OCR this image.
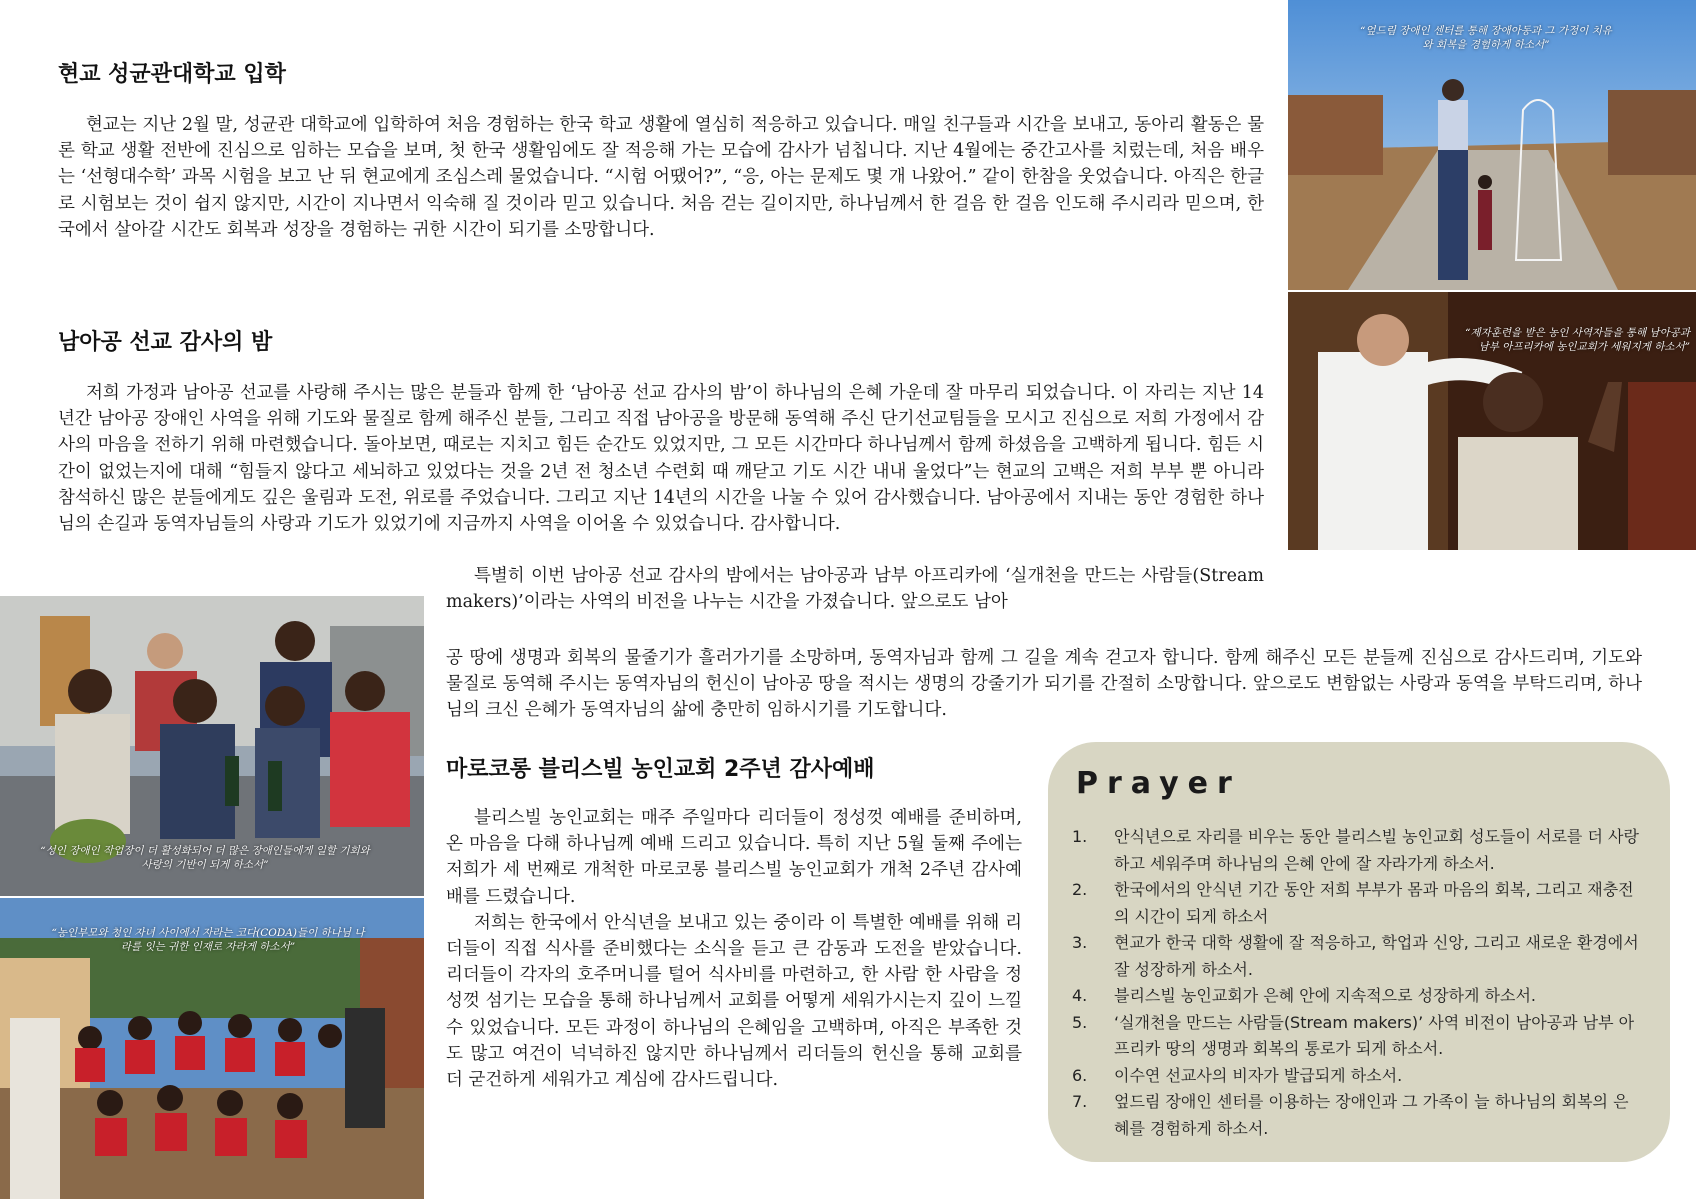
현교 성균관대학교 입학

현교는 지난 2월 말, 성균관 대학교에 입학하여 처음 경험하는 한국 학교 생활에 열심히 적응하고 있습니다. 매일 친구들과 시간을 보내고, 동아리 활동은 물론 학교 생활 전반에 진심으로 임하는 모습을 보며, 첫 한국 생활임에도 잘 적응해 가는 모습에 감사가 넘칩니다. 지난 4월에는 중간고사를 치렀는데, 처음 배우는 ‘선형대수학’ 과목 시험을 보고 난 뒤 현교에게 조심스레 물었습니다. “시험 어땠어?”, “응, 아는 문제도 몇 개 나왔어.” 같이 한참을 웃었습니다. 아직은 한글로 시험보는 것이 쉽지 않지만, 시간이 지나면서 익숙해 질 것이라 믿고 있습니다. 처음 걷는 길이지만, 하나님께서 한 걸음 한 걸음 인도해 주시리라 믿으며, 한국에서 살아갈 시간도 회복과 성장을 경험하는 귀한 시간이 되기를 소망합니다.

남아공 선교 감사의 밤

저희 가정과 남아공 선교를 사랑해 주시는 많은 분들과 함께 한 ‘남아공 선교 감사의 밤’이 하나님의 은혜 가운데 잘 마무리 되었습니다. 이 자리는 지난 14년간 남아공 장애인 사역을 위해 기도와 물질로 함께 해주신 분들, 그리고 직접 남아공을 방문해 동역해 주신 단기선교팀들을 모시고 진심으로 저희 가정에서 감사의 마음을 전하기 위해 마련했습니다. 돌아보면, 때로는 지치고 힘든 순간도 있었지만, 그 모든 시간마다 하나님께서 함께 하셨음을 고백하게 됩니다. 힘든 시간이 없었는지에 대해 “힘들지 않다고 세뇌하고 있었다는 것을 2년 전 청소년 수련회 때 깨닫고 기도 시간 내내 울었다”는 현교의 고백은 저희 부부 뿐 아니라 참석하신 많은 분들에게도 깊은 울림과 도전, 위로를 주었습니다. 그리고 지난 14년의 시간을 나눌 수 있어 감사했습니다. 남아공에서 지내는 동안 경험한 하나님의 손길과 동역자님들의 사랑과 기도가 있었기에 지금까지 사역을 이어올 수 있었습니다. 감사합니다.

특별히 이번 남아공 선교 감사의 밤에서는 남아공과 남부 아프리카에 ‘실개천을 만드는 사람들(Stream makers)’이라는 사역의 비전을 나누는 시간을 가졌습니다. 앞으로도 남아

공 땅에 생명과 회복의 물줄기가 흘러가기를 소망하며, 동역자님과 함께 그 길을 계속 걷고자 합니다. 함께 해주신 모든 분들께 진심으로 감사드리며, 기도와 물질로 동역해 주시는 동역자님의 헌신이 남아공 땅을 적시는 생명의 강줄기가 되기를 간절히 소망합니다. 앞으로도 변함없는 사랑과 동역을 부탁드리며, 하나님의 크신 은혜가 동역자님의 삶에 충만히 임하시기를 기도합니다.

마로코롱 블리스빌 농인교회 2주년 감사예배

블리스빌 농인교회는 매주 주일마다 리더들이 정성껏 예배를 준비하며, 온 마음을 다해 하나님께 예배 드리고 있습니다. 특히 지난 5월 둘째 주에는 저희가 세 번째로 개척한 마로코롱 블리스빌 농인교회가 개척 2주년 감사예배를 드렸습니다.

저희는 한국에서 안식년을 보내고 있는 중이라 이 특별한 예배를 위해 리더들이 직접 식사를 준비했다는 소식을 듣고 큰 감동과 도전을 받았습니다. 리더들이 각자의 호주머니를 털어 식사비를 마련하고, 한 사람 한 사람을 정성껏 섬기는 모습을 통해 하나님께서 교회를 어떻게 세워가시는지 깊이 느낄 수 있었습니다. 모든 과정이 하나님의 은혜임을 고백하며, 아직은 부족한 것도 많고 여건이 넉넉하진 않지만 하나님께서 리더들의 헌신을 통해 교회를 더 굳건하게 세워가고 계심에 감사드립니다.

“엎드림 장애인 센터를 통해 장애아동과 그 가정이 치유와 회복을 경험하게 하소서”

“제자훈련을 받은 농인 사역자들을 통해 남아공과 남부 아프리카에 농인교회가 세워지게 하소서”

“성인 장애인 작업장이 더 활성화되어 더 많은 장애인들에게 일할 기회와 사랑의 기반이 되게 하소서”

“농인부모와 청인 자녀 사이에서 자라는 코다(CODA)들이 하나님 나라를 잇는 귀한 인재로 자라게 하소서”

Prayer
1. 안식년으로 자리를 비우는 동안 블리스빌 농인교회 성도들이 서로를 더 사랑하고 세워주며 하나님의 은혜 안에 잘 자라가게 하소서.
2. 한국에서의 안식년 기간 동안 저희 부부가 몸과 마음의 회복, 그리고 재충전의 시간이 되게 하소서
3. 현교가 한국 대학 생활에 잘 적응하고, 학업과 신앙, 그리고 새로운 환경에서 잘 성장하게 하소서.
4. 블리스빌 농인교회가 은혜 안에 지속적으로 성장하게 하소서.
5. ‘실개천을 만드는 사람들(Stream makers)’ 사역 비전이 남아공과 남부 아프리카 땅의 생명과 회복의 통로가 되게 하소서.
6. 이수연 선교사의 비자가 발급되게 하소서.
7. 엎드림 장애인 센터를 이용하는 장애인과 그 가족이 늘 하나님의 회복의 은혜를 경험하게 하소서.
